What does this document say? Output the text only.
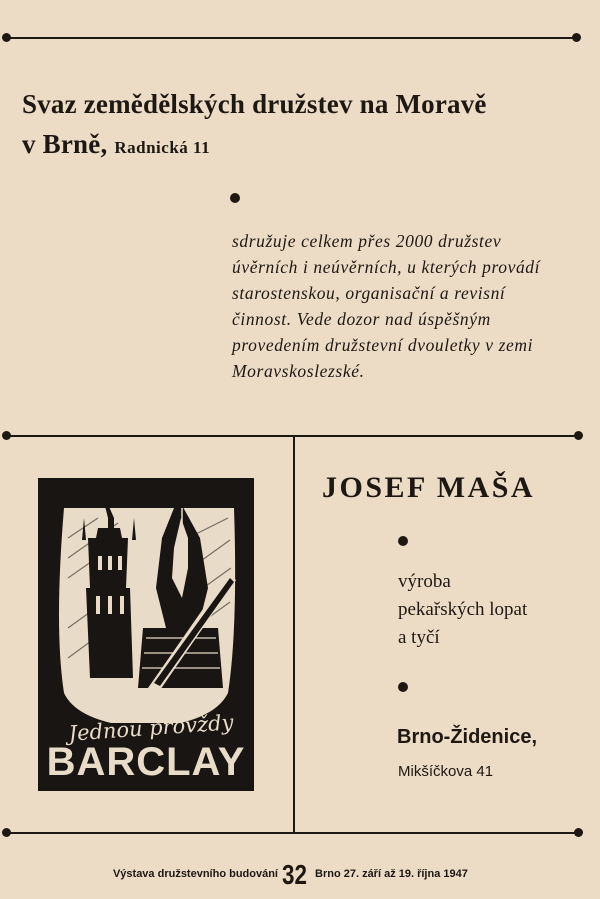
Svaz zemědělských družstev na Moravě
v Brně, Radnická 11
sdružuje celkem přes 2000 družstev
úvěrních i neúvěrních, u kterých provádí
starostenskou, organisační a revisní
činnost. Vede dozor nad úspěšným
provedením družstevní dvouletky v zemi
Moravskoslezské.
Jednou provždy
BARCLAY
JOSEF MAŠA
výroba
pekařských lopat
a tyčí
Brno-Židenice,
Mikšíčkova 41
Výstava družstevního budování 32 Brno 27. září až 19. října 1947
